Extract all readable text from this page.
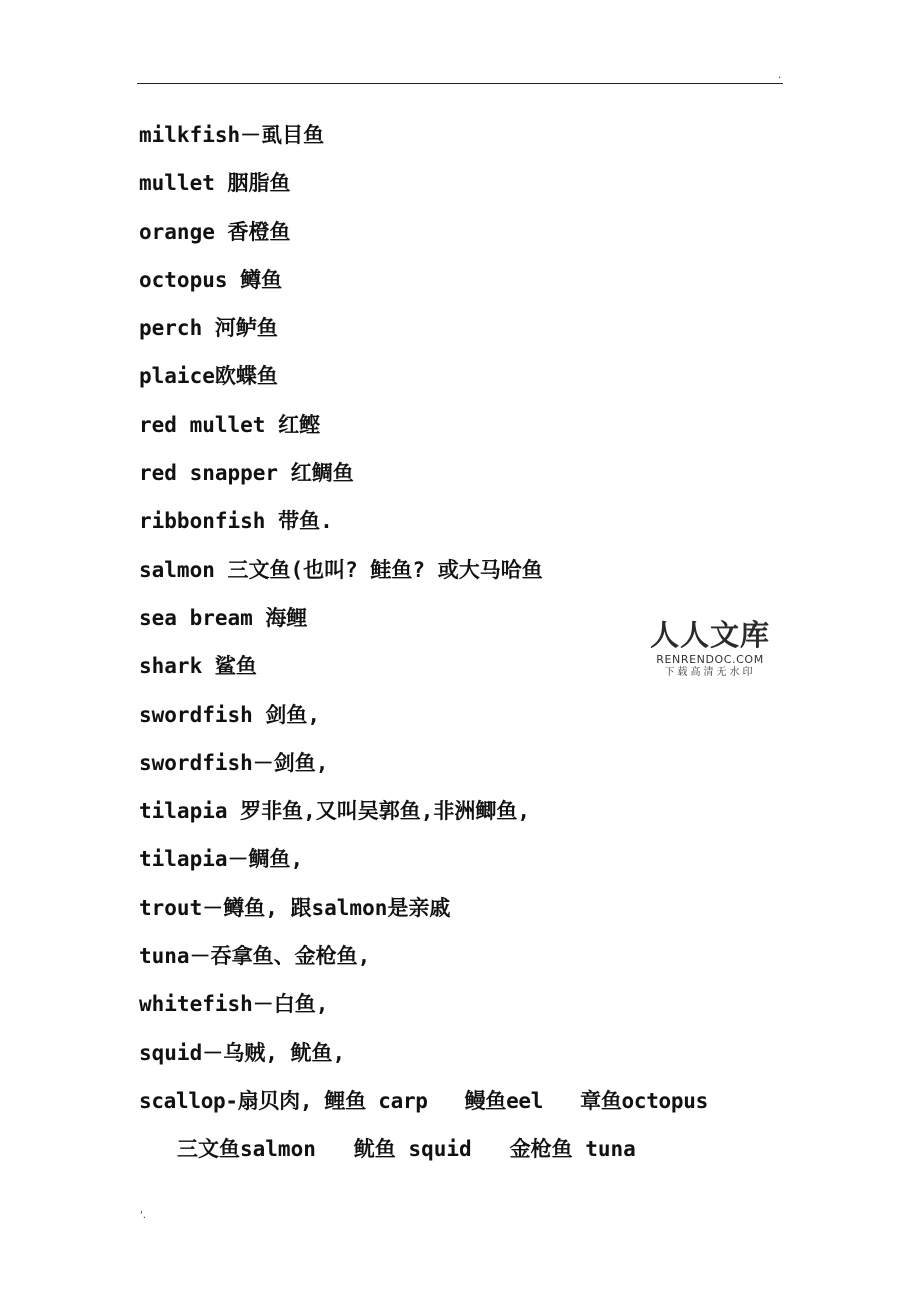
.
milkfish－虱目鱼
mullet 胭脂鱼
orange 香橙鱼
octopus 鳟鱼
perch 河鲈鱼
plaice欧蝶鱼
red mullet 红鲣
red snapper 红鲷鱼
ribbonfish 带鱼.
salmon 三文鱼(也叫? 鲑鱼? 或大马哈鱼
sea bream 海鲤
shark 鲨鱼
swordfish 剑鱼,
swordfish－剑鱼,
tilapia 罗非鱼,又叫吴郭鱼,非洲鲫鱼,
tilapia－鲷鱼,
trout－鳟鱼, 跟salmon是亲戚
tuna－吞拿鱼、金枪鱼,
whitefish－白鱼,
squid－乌贼, 鱿鱼,
scallop-扇贝肉, 鲤鱼 carp   鳗鱼eel   章鱼octopus
三文鱼salmon   鱿鱼 squid   金枪鱼 tuna
人人文库
RENRENDOC.COM
下载高清无水印
'.
